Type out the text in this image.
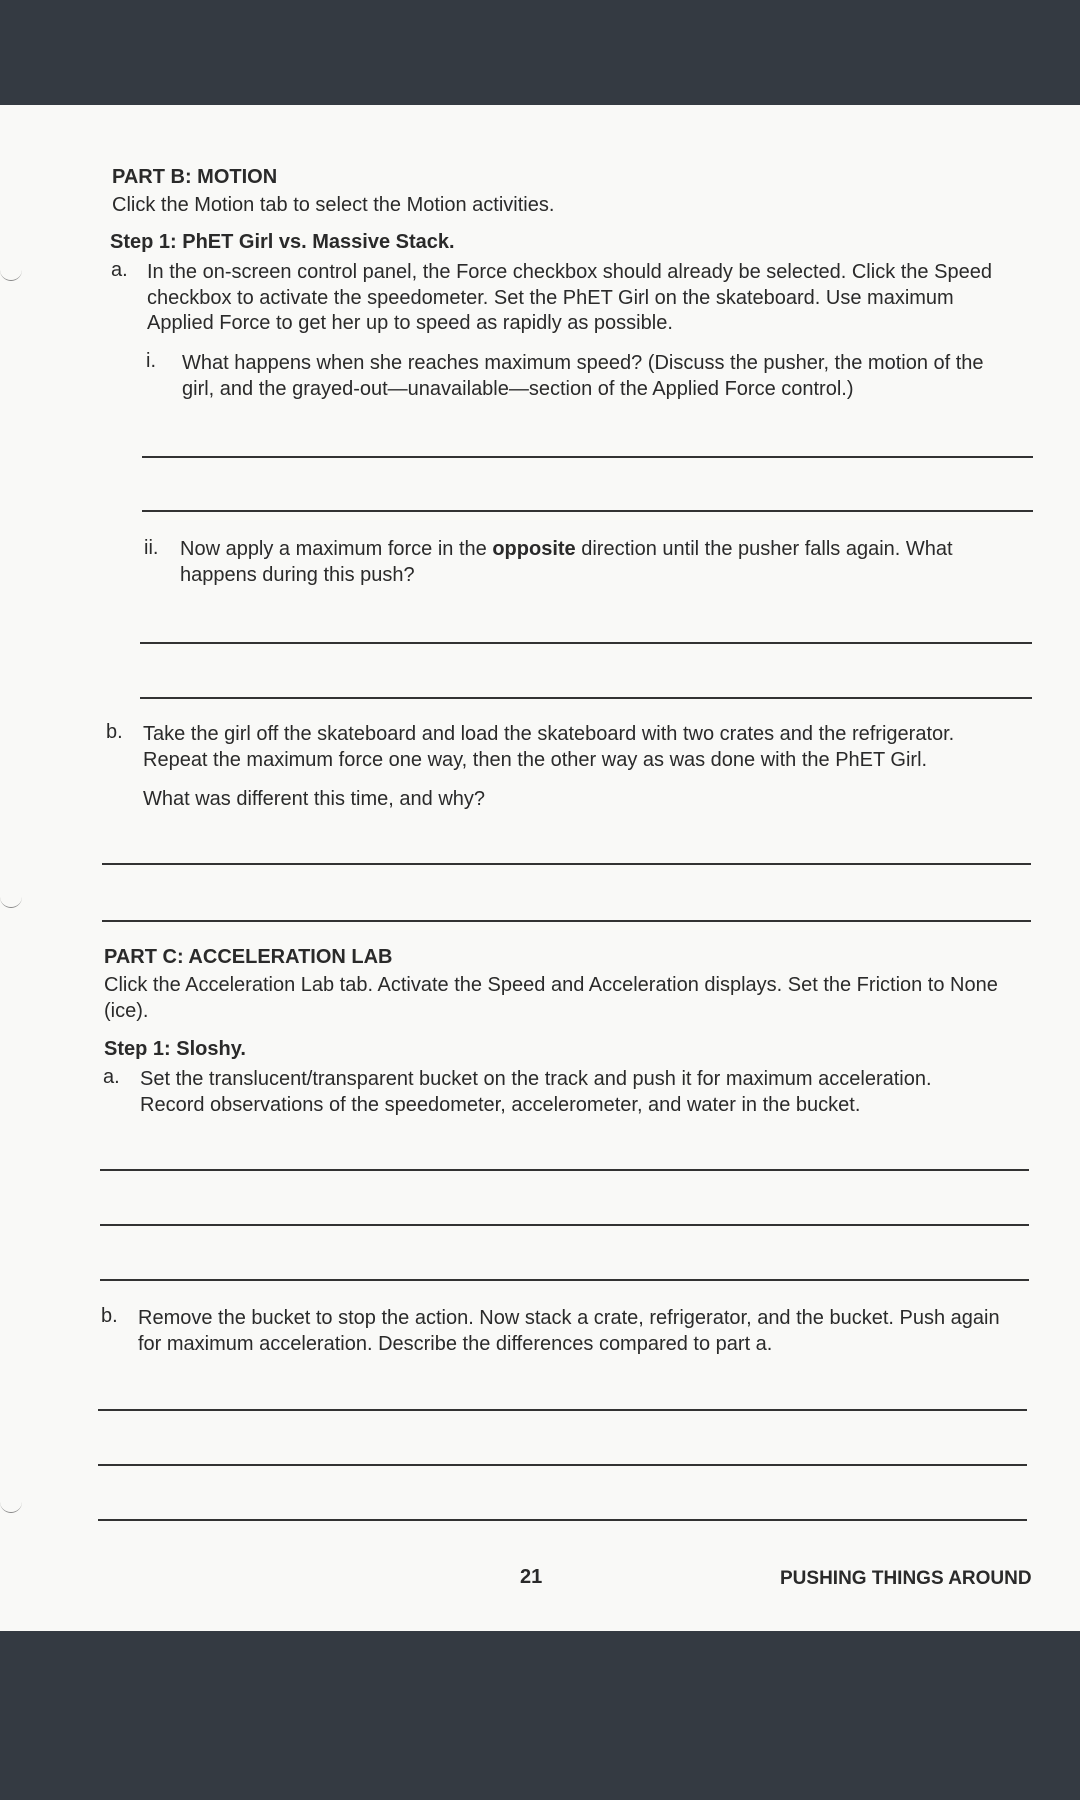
PART B: MOTION
Click the Motion tab to select the Motion activities.
Step 1: PhET Girl vs. Massive Stack.
a. In the on-screen control panel, the Force checkbox should already be selected. Click the Speed
checkbox to activate the speedometer. Set the PhET Girl on the skateboard. Use maximum
Applied Force to get her up to speed as rapidly as possible.
i. What happens when she reaches maximum speed? (Discuss the pusher, the motion of the
girl, and the grayed-out—unavailable—section of the Applied Force control.)
ii. Now apply a maximum force in the opposite direction until the pusher falls again. What
happens during this push?
b. Take the girl off the skateboard and load the skateboard with two crates and the refrigerator.
Repeat the maximum force one way, then the other way as was done with the PhET Girl.
What was different this time, and why?
PART C: ACCELERATION LAB
Click the Acceleration Lab tab. Activate the Speed and Acceleration displays. Set the Friction to None
(ice).
Step 1: Sloshy.
a. Set the translucent/transparent bucket on the track and push it for maximum acceleration.
Record observations of the speedometer, accelerometer, and water in the bucket.
b. Remove the bucket to stop the action. Now stack a crate, refrigerator, and the bucket. Push again
for maximum acceleration. Describe the differences compared to part a.
21	PUSHING THINGS AROUND
